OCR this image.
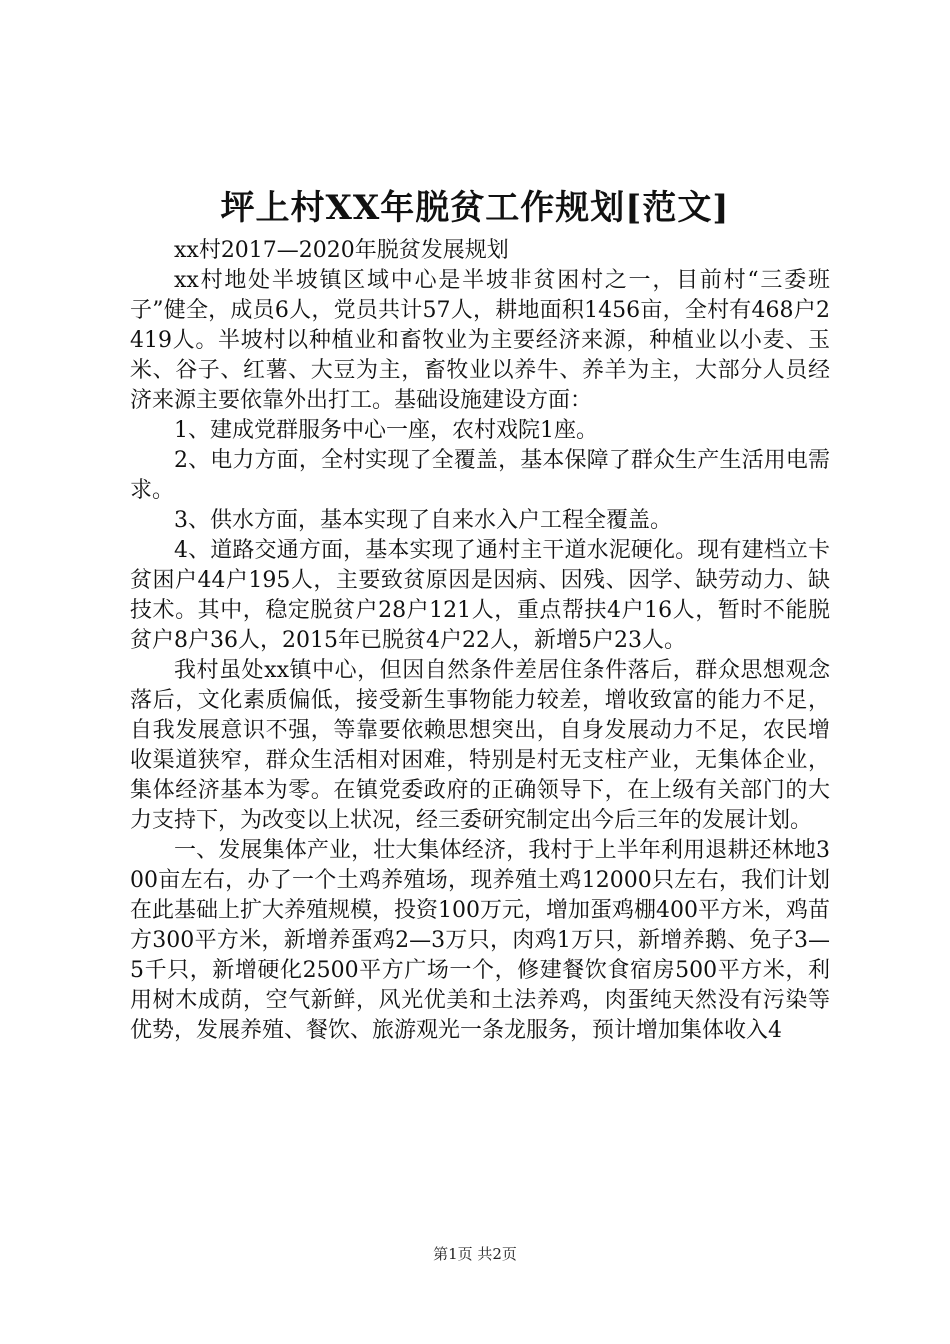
坪上村XX年脱贫工作规划[范文]

xx村2017—2020年脱贫发展规划

xx村地处半坡镇区域中心是半坡非贫困村之一，目前村“三委班子”健全，成员6人，党员共计57人，耕地面积1456亩，全村有468户2419人。半坡村以种植业和畜牧业为主要经济来源，种植业以小麦、玉米、谷子、红薯、大豆为主，畜牧业以养牛、养羊为主，大部分人员经济来源主要依靠外出打工。基础设施建设方面：

1、建成党群服务中心一座，农村戏院1座。

2、电力方面，全村实现了全覆盖，基本保障了群众生产生活用电需求。

3、供水方面，基本实现了自来水入户工程全覆盖。

4、道路交通方面，基本实现了通村主干道水泥硬化。现有建档立卡贫困户44户195人，主要致贫原因是因病、因残、因学、缺劳动力、缺技术。其中，稳定脱贫户28户121人，重点帮扶4户16人，暂时不能脱贫户8户36人，2015年已脱贫4户22人，新增5户23人。

我村虽处xx镇中心，但因自然条件差居住条件落后，群众思想观念落后，文化素质偏低，接受新生事物能力较差，增收致富的能力不足，自我发展意识不强，等靠要依赖思想突出，自身发展动力不足，农民增收渠道狭窄，群众生活相对困难，特别是村无支柱产业，无集体企业，集体经济基本为零。在镇党委政府的正确领导下，在上级有关部门的大力支持下，为改变以上状况，经三委研究制定出今后三年的发展计划。

一、发展集体产业，壮大集体经济，我村于上半年利用退耕还林地300亩左右，办了一个土鸡养殖场，现养殖土鸡12000只左右，我们计划在此基础上扩大养殖规模，投资100万元，增加蛋鸡棚400平方米，鸡苗方300平方米，新增养蛋鸡2—3万只，肉鸡1万只，新增养鹅、免子3—5千只，新增硬化2500平方广场一个，修建餐饮食宿房500平方米，利用树木成荫，空气新鲜，风光优美和土法养鸡，肉蛋纯天然没有污染等优势，发展养殖、餐饮、旅游观光一条龙服务，预计增加集体收入4

第1页 共2页
